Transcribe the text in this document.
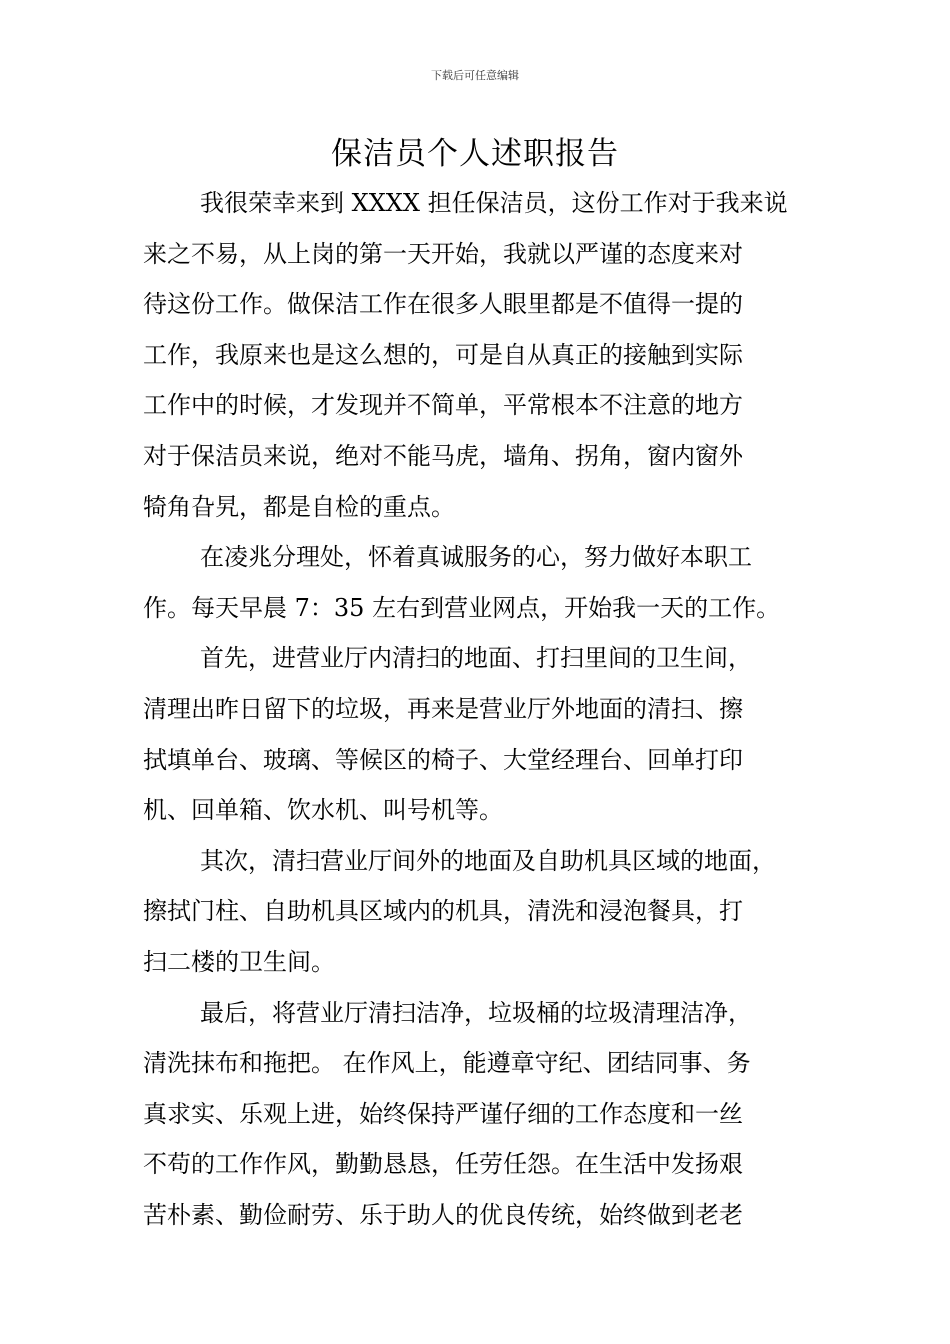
下载后可任意编辑
保洁员个人述职报告
我很荣幸来到 XXXX 担任保洁员，这份工作对于我来说
来之不易，从上岗的第一天开始，我就以严谨的态度来对
待这份工作。做保洁工作在很多人眼里都是不值得一提的
工作，我原来也是这么想的，可是自从真正的接触到实际
工作中的时候，才发现并不简单，平常根本不注意的地方
对于保洁员来说，绝对不能马虎，墙角、拐角，窗内窗外
犄角旮旯，都是自检的重点。
在凌兆分理处，怀着真诚服务的心，努力做好本职工
作。每天早晨 7：35 左右到营业网点，开始我一天的工作。
首先，进营业厅内清扫的地面、打扫里间的卫生间，
清理出昨日留下的垃圾，再来是营业厅外地面的清扫、擦
拭填单台、玻璃、等候区的椅子、大堂经理台、回单打印
机、回单箱、饮水机、叫号机等。
其次，清扫营业厅间外的地面及自助机具区域的地面，
擦拭门柱、自助机具区域内的机具，清洗和浸泡餐具，打
扫二楼的卫生间。
最后，将营业厅清扫洁净，垃圾桶的垃圾清理洁净，
清洗抹布和拖把。 在作风上，能遵章守纪、团结同事、务
真求实、乐观上进，始终保持严谨仔细的工作态度和一丝
不苟的工作作风，勤勤恳恳，任劳任怨。在生活中发扬艰
苦朴素、勤俭耐劳、乐于助人的优良传统，始终做到老老
